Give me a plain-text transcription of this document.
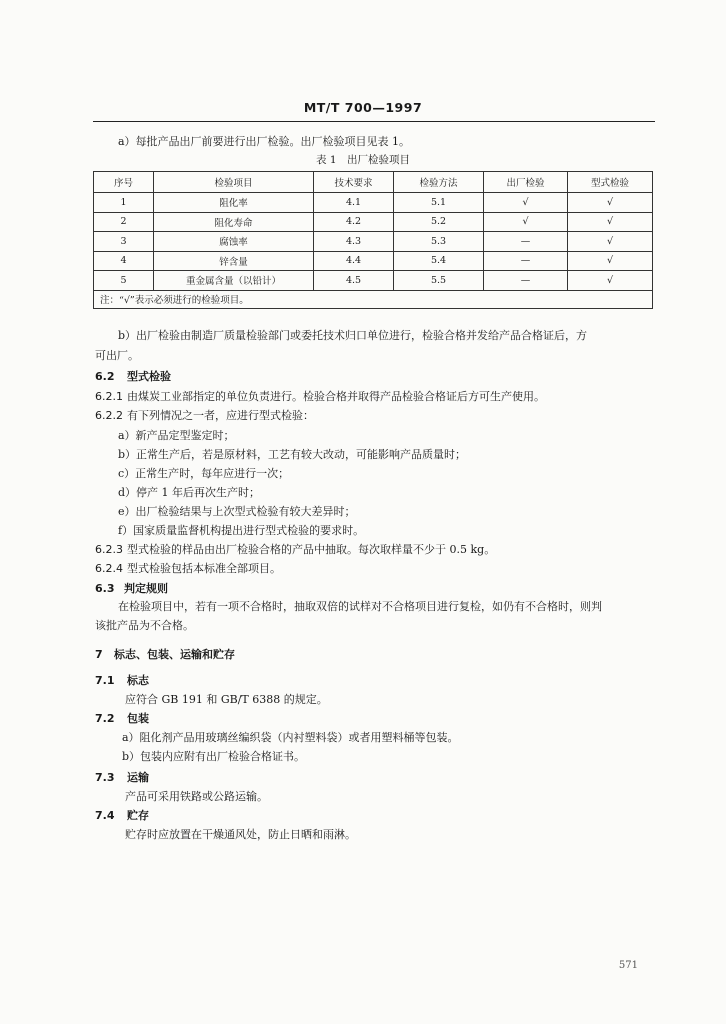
MT/T 700—1997
a）每批产品出厂前要进行出厂检验。出厂检验项目见表 1。
表 1　出厂检验项目
序号	检验项目	技术要求	检验方法	出厂检验	型式检验
1	阻化率	4.1	5.1	√	√
2	阻化寿命	4.2	5.2	√	√
3	腐蚀率	4.3	5.3	—	√
4	锌含量	4.4	5.4	—	√
5	重金属含量（以铅计）	4.5	5.5	—	√
注：“√”表示必须进行的检验项目。					
b）出厂检验由制造厂质量检验部门或委托技术归口单位进行，检验合格并发给产品合格证后，方
可出厂。
6.2 型式检验
6.2.1 由煤炭工业部指定的单位负责进行。检验合格并取得产品检验合格证后方可生产使用。
6.2.2 有下列情况之一者，应进行型式检验：
a）新产品定型鉴定时；
b）正常生产后，若是原材料，工艺有较大改动，可能影响产品质量时；
c）正常生产时，每年应进行一次；
d）停产 1 年后再次生产时；
e）出厂检验结果与上次型式检验有较大差异时；
f）国家质量监督机构提出进行型式检验的要求时。
6.2.3 型式检验的样品由出厂检验合格的产品中抽取。每次取样量不少于 0.5 kg。
6.2.4 型式检验包括本标准全部项目。
6.3 判定规则
在检验项目中，若有一项不合格时，抽取双倍的试样对不合格项目进行复检，如仍有不合格时，则判
该批产品为不合格。
7 标志、包装、运输和贮存
7.1 标志
应符合 GB 191 和 GB/T 6388 的规定。
7.2 包装
a）阻化剂产品用玻璃丝编织袋（内衬塑料袋）或者用塑料桶等包装。
b）包装内应附有出厂检验合格证书。
7.3 运输
产品可采用铁路或公路运输。
7.4 贮存
贮存时应放置在干燥通风处，防止日晒和雨淋。
571
